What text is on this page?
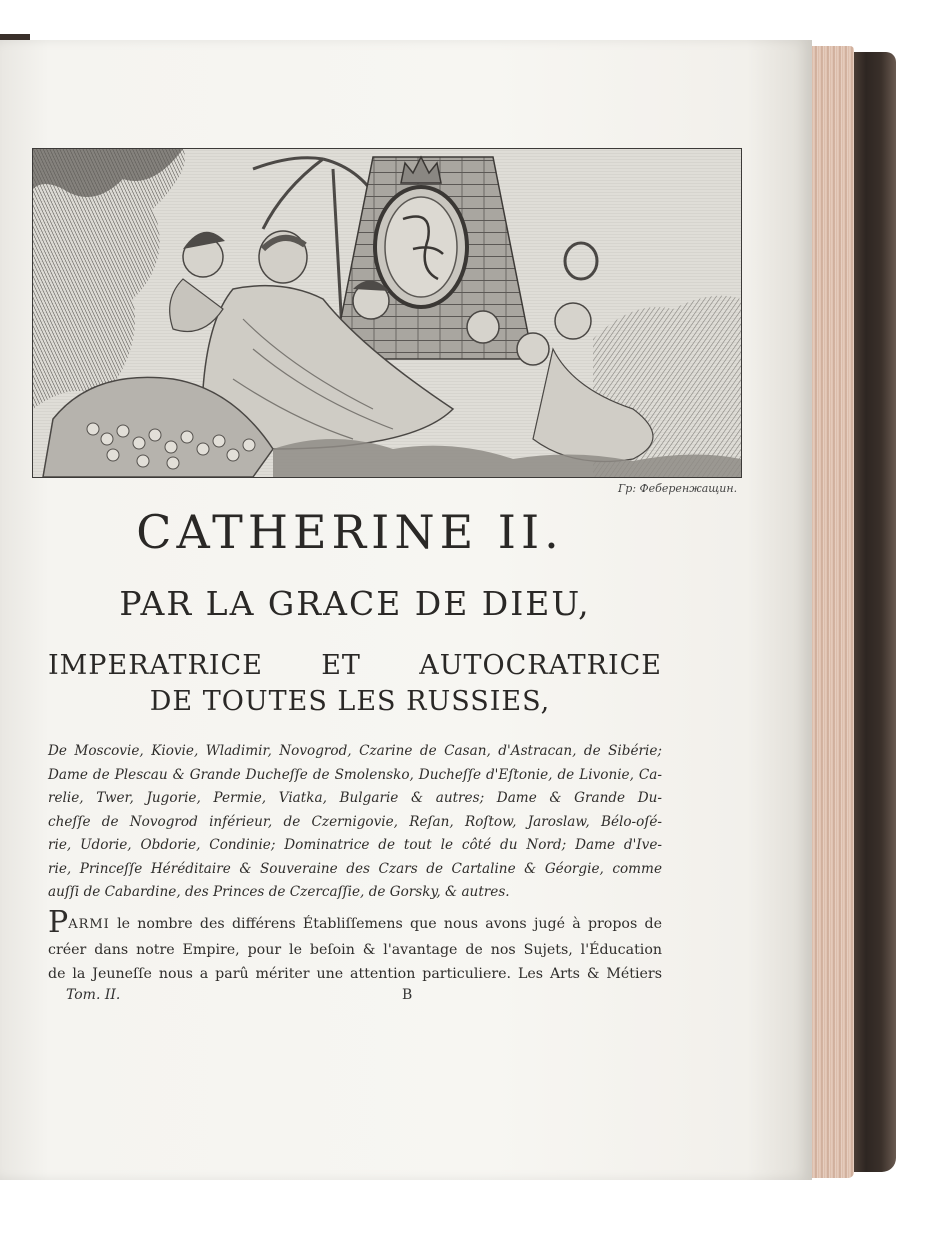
Гр: Феберенжащин.
CATHERINE II.
PAR LA GRACE DE DIEU,
IMPERATRICE ET AUTOCRATRICE
DE TOUTES LES RUSSIES,
De Moscovie, Kiovie, Wladimir, Novogrod, Czarine de Casan, d'Astracan, de Sibérie;
Dame de Plescau & Grande Ducheſſe de Smolensko, Ducheſſe d'Eſtonie, de Livonie, Ca-
relie, Twer, Jugorie, Permie, Viatka, Bulgarie & autres; Dame & Grande Du-
cheſſe de Novogrod inférieur, de Czernigovie, Reſan, Roſtow, Jaroslaw, Bélo-oſé-
rie, Udorie, Obdorie, Condinie; Dominatrice de tout le côté du Nord; Dame d'Ive-
rie, Princeſſe Héréditaire & Souveraine des Czars de Cartaline & Géorgie, comme
auſſi de Cabardine, des Princes de Czercaſſie, de Gorsky, & autres.
PARMI le nombre des différens Établiſſemens que nous avons jugé à propos de
créer dans notre Empire, pour le beſoin & l'avantage de nos Sujets, l'Éducation
de la Jeuneſſe nous a parû mériter une attention particuliere. Les Arts & Métiers
Tom. II.	B
